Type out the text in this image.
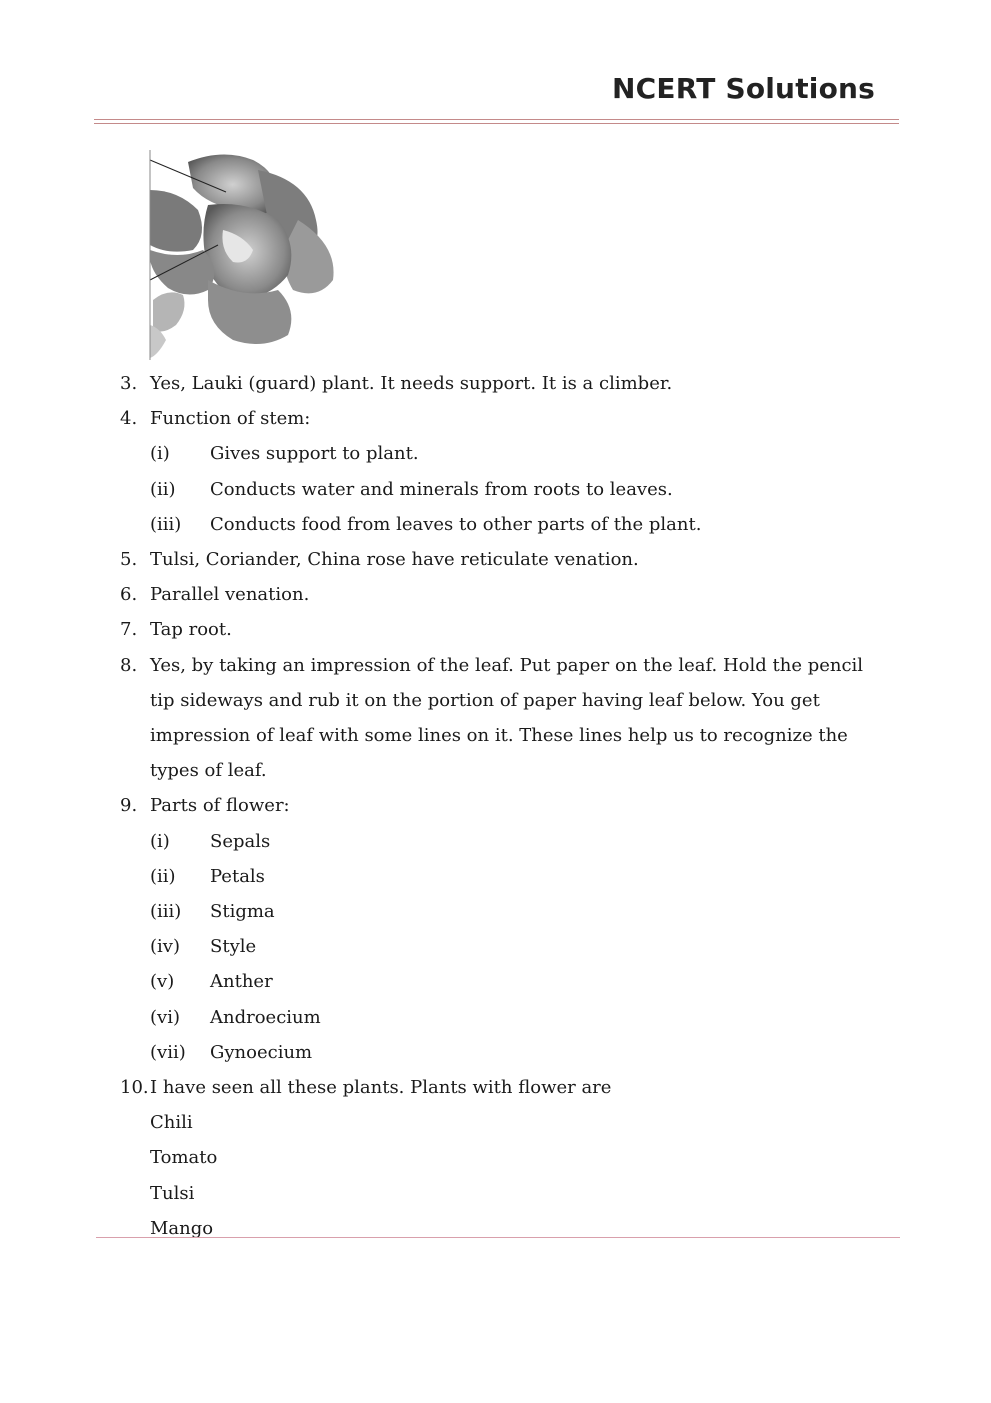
NCERT Solutions
3. Yes, Lauki (guard) plant. It needs support. It is a climber.
4. Function of stem:
(i) Gives support to plant.
(ii) Conducts water and minerals from roots to leaves.
(iii) Conducts food from leaves to other parts of the plant.
5. Tulsi, Coriander, China rose have reticulate venation.
6. Parallel venation.
7. Tap root.
8. Yes, by taking an impression of the leaf. Put paper on the leaf. Hold the pencil tip sideways and rub it on the portion of paper having leaf below. You get impression of leaf with some lines on it. These lines help us to recognize the types of leaf.
9. Parts of flower:
(i) Sepals
(ii) Petals
(iii) Stigma
(iv) Style
(v) Anther
(vi) Androecium
(vii) Gynoecium
10. I have seen all these plants. Plants with flower are
Chili
Tomato
Tulsi
Mango
